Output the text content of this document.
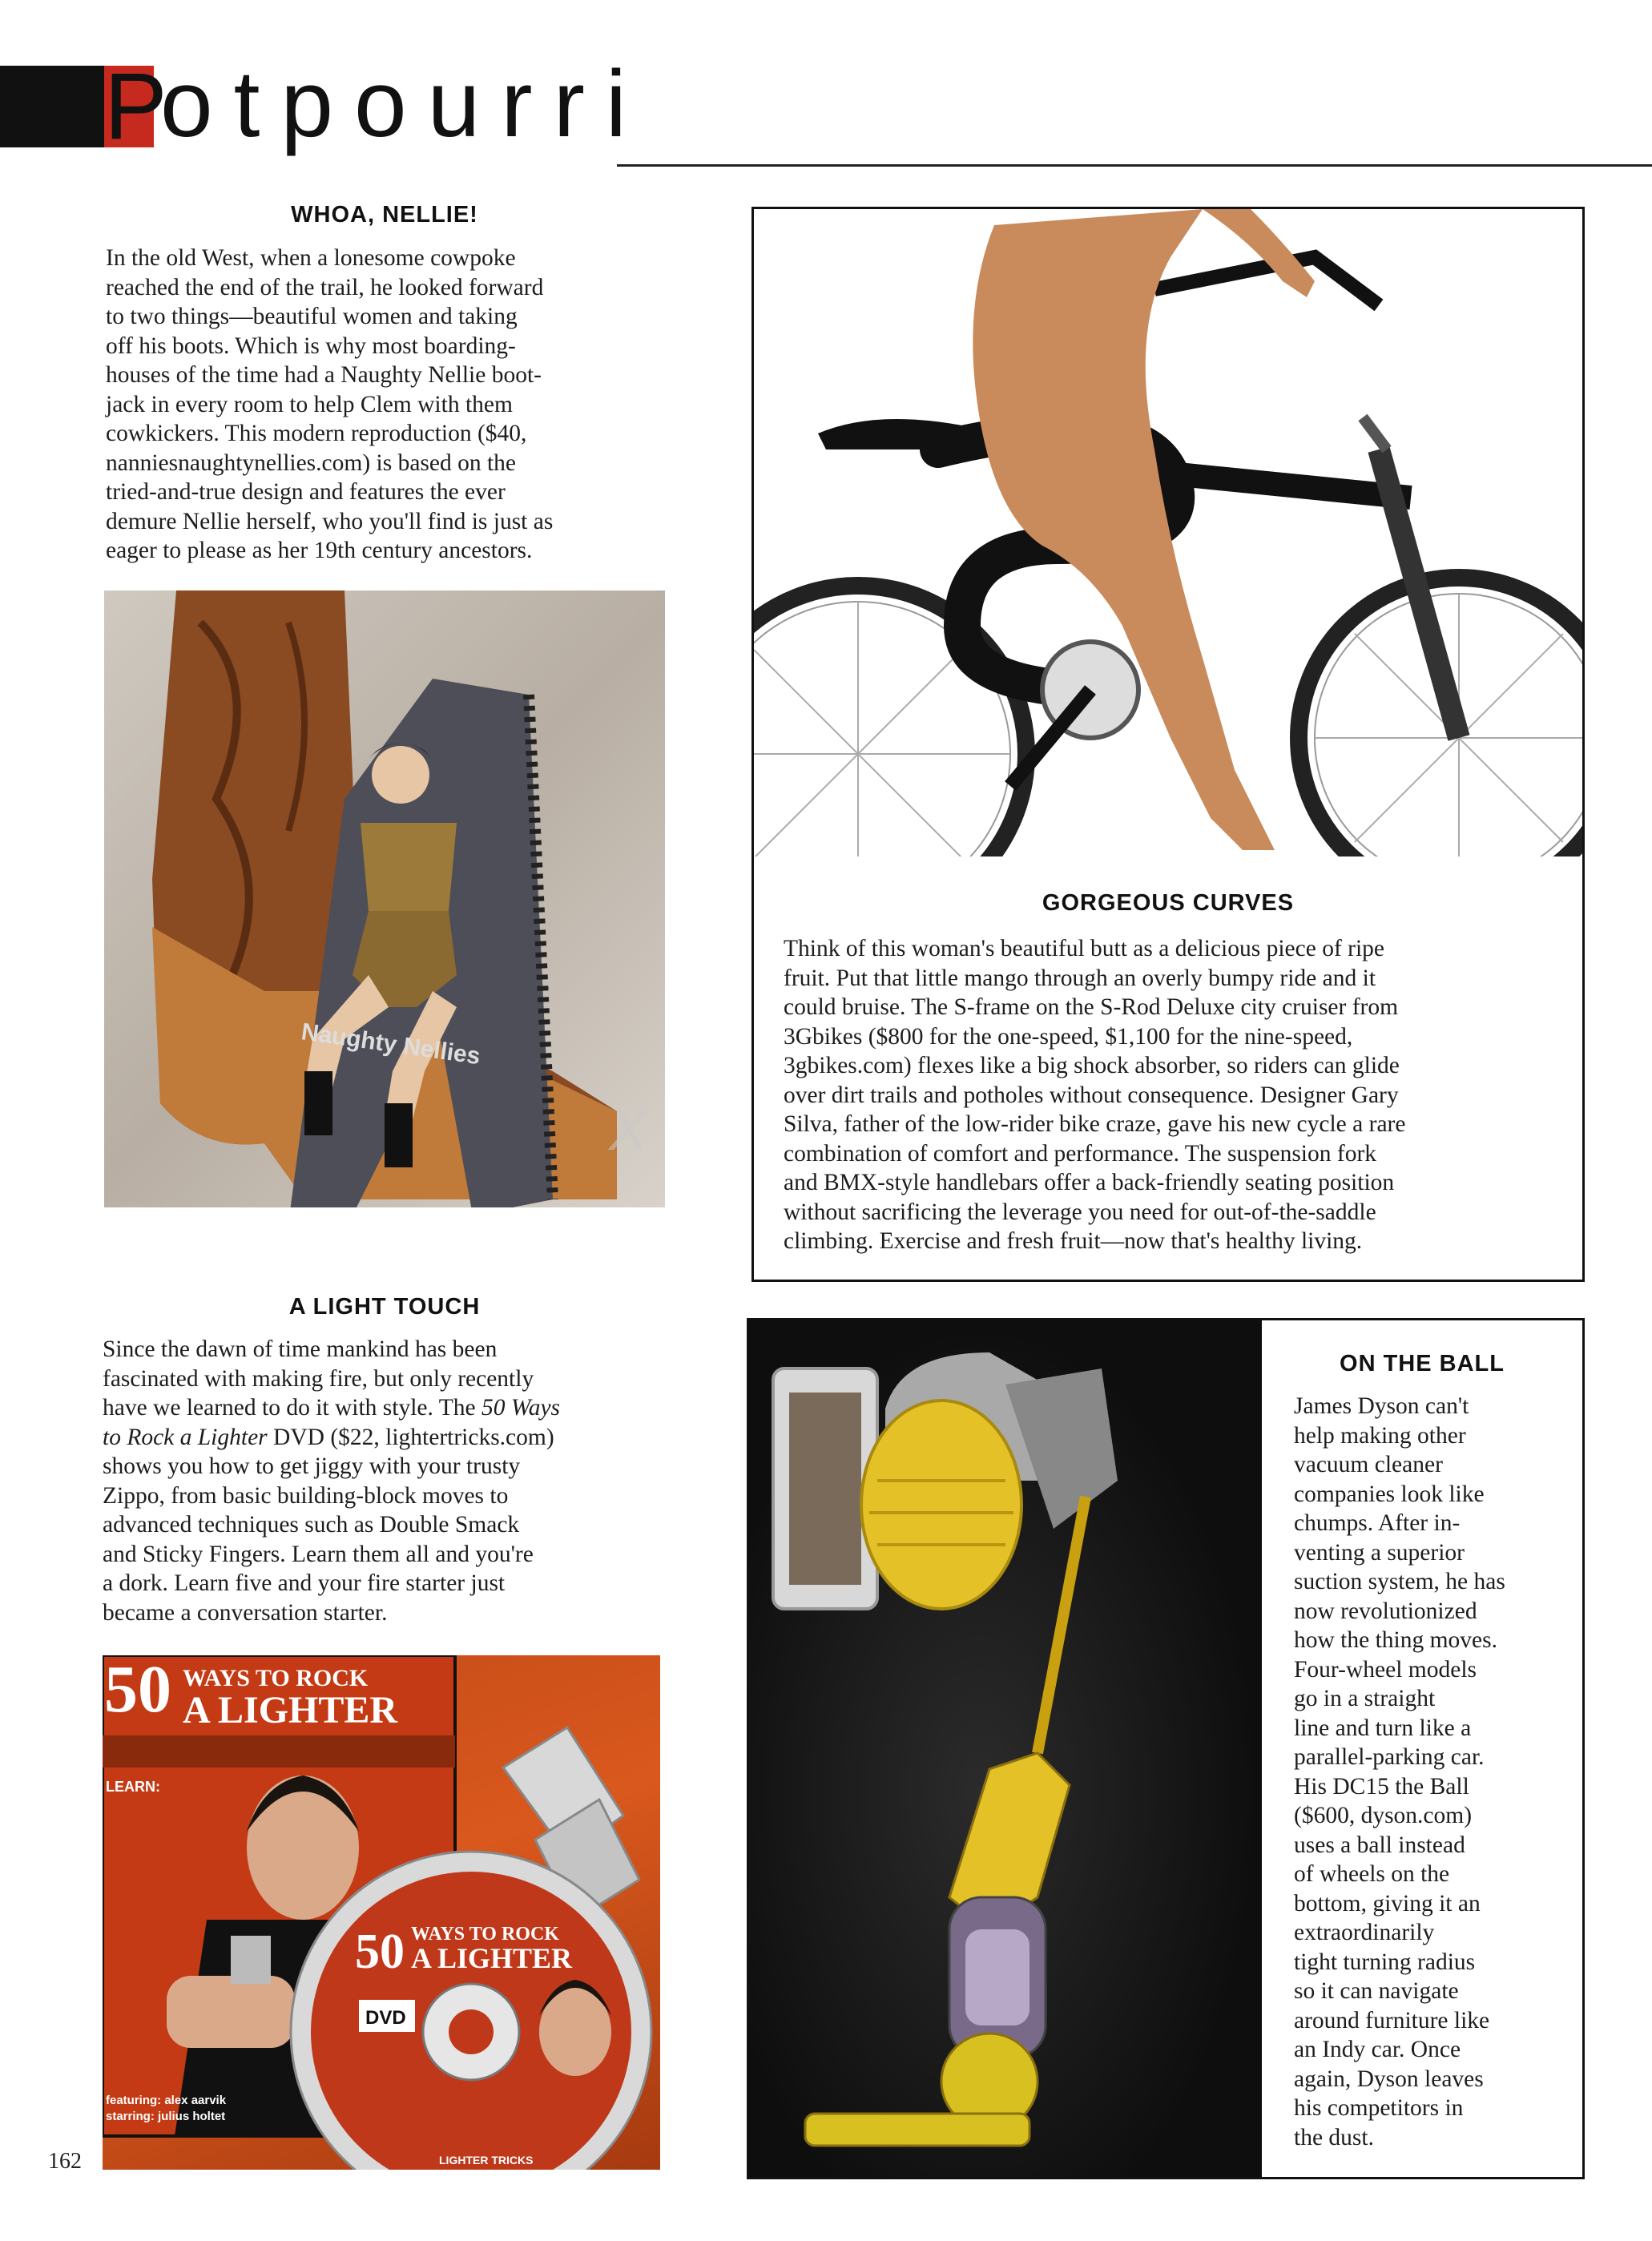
P
otpourri
WHOA, NELLIE!
In the old West, when a lonesome cowpoke
reached the end of the trail, he looked forward
to two things—beautiful women and taking
off his boots. Which is why most boarding-
houses of the time had a Naughty Nellie boot-
jack in every room to help Clem with them
cowkickers. This modern reproduction ($40,
nanniesnaughtynellies.com) is based on the
tried-and-true design and features the ever
demure Nellie herself, who you'll find is just as
eager to please as her 19th century ancestors.
Naughty Nellies
GORGEOUS CURVES
Think of this woman's beautiful butt as a delicious piece of ripe
fruit. Put that little mango through an overly bumpy ride and it
could bruise. The S-frame on the S-Rod Deluxe city cruiser from
3Gbikes ($800 for the one-speed, $1,100 for the nine-speed,
3gbikes.com) flexes like a big shock absorber, so riders can glide
over dirt trails and potholes without consequence. Designer Gary
Silva, father of the low-rider bike craze, gave his new cycle a rare
combination of comfort and performance. The suspension fork
and BMX-style handlebars offer a back-friendly seating position
without sacrificing the leverage you need for out-of-the-saddle
climbing. Exercise and fresh fruit—now that's healthy living.
X
A LIGHT TOUCH
Since the dawn of time mankind has been
fascinated with making fire, but only recently
have we learned to do it with style. The 50 Ways
to Rock a Lighter DVD ($22, lightertricks.com)
shows you how to get jiggy with your trusty
Zippo, from basic building-block moves to
advanced techniques such as Double Smack
and Sticky Fingers. Learn them all and you're
a dork. Learn five and your fire starter just
became a conversation starter.
50 WAYS TO ROCK
A LIGHTER
LEARN:
featuring: alex aarvik
starring: julius holtet
50 WAYS TO ROCK
A LIGHTER
DVD
LIGHTER TRICKS
ON THE BALL
James Dyson can't
help making other
vacuum cleaner
companies look like
chumps. After in-
venting a superior
suction system, he has
now revolutionized
how the thing moves.
Four-wheel models
go in a straight
line and turn like a
parallel-parking car.
His DC15 the Ball
($600, dyson.com)
uses a ball instead
of wheels on the
bottom, giving it an
extraordinarily
tight turning radius
so it can navigate
around furniture like
an Indy car. Once
again, Dyson leaves
his competitors in
the dust.
162
